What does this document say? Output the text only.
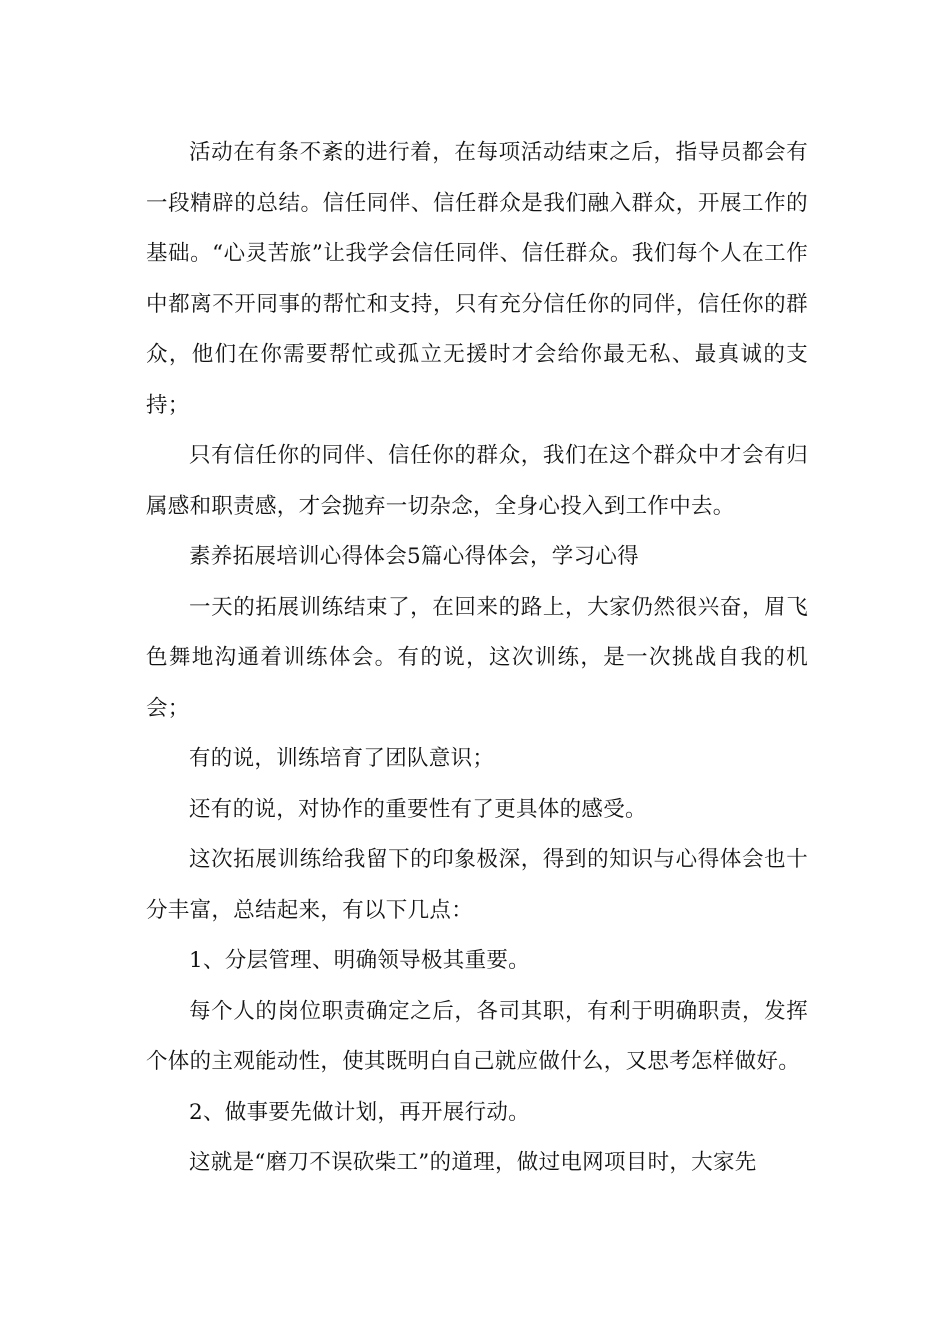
活动在有条不紊的进行着，在每项活动结束之后，指导员都会有一段精辟的总结。信任同伴、信任群众是我们融入群众，开展工作的基础。“心灵苦旅”让我学会信任同伴、信任群众。我们每个人在工作中都离不开同事的帮忙和支持，只有充分信任你的同伴，信任你的群众，他们在你需要帮忙或孤立无援时才会给你最无私、最真诚的支持；

只有信任你的同伴、信任你的群众，我们在这个群众中才会有归属感和职责感，才会抛弃一切杂念，全身心投入到工作中去。

素养拓展培训心得体会5篇心得体会，学习心得

一天的拓展训练结束了，在回来的路上，大家仍然很兴奋，眉飞色舞地沟通着训练体会。有的说，这次训练，是一次挑战自我的机会；

有的说，训练培育了团队意识；

还有的说，对协作的重要性有了更具体的感受。

这次拓展训练给我留下的印象极深，得到的知识与心得体会也十分丰富，总结起来，有以下几点：

1、分层管理、明确领导极其重要。

每个人的岗位职责确定之后，各司其职，有利于明确职责，发挥个体的主观能动性，使其既明白自己就应做什么，又思考怎样做好。

2、做事要先做计划，再开展行动。

这就是“磨刀不误砍柴工”的道理，做过电网项目时，大家先
